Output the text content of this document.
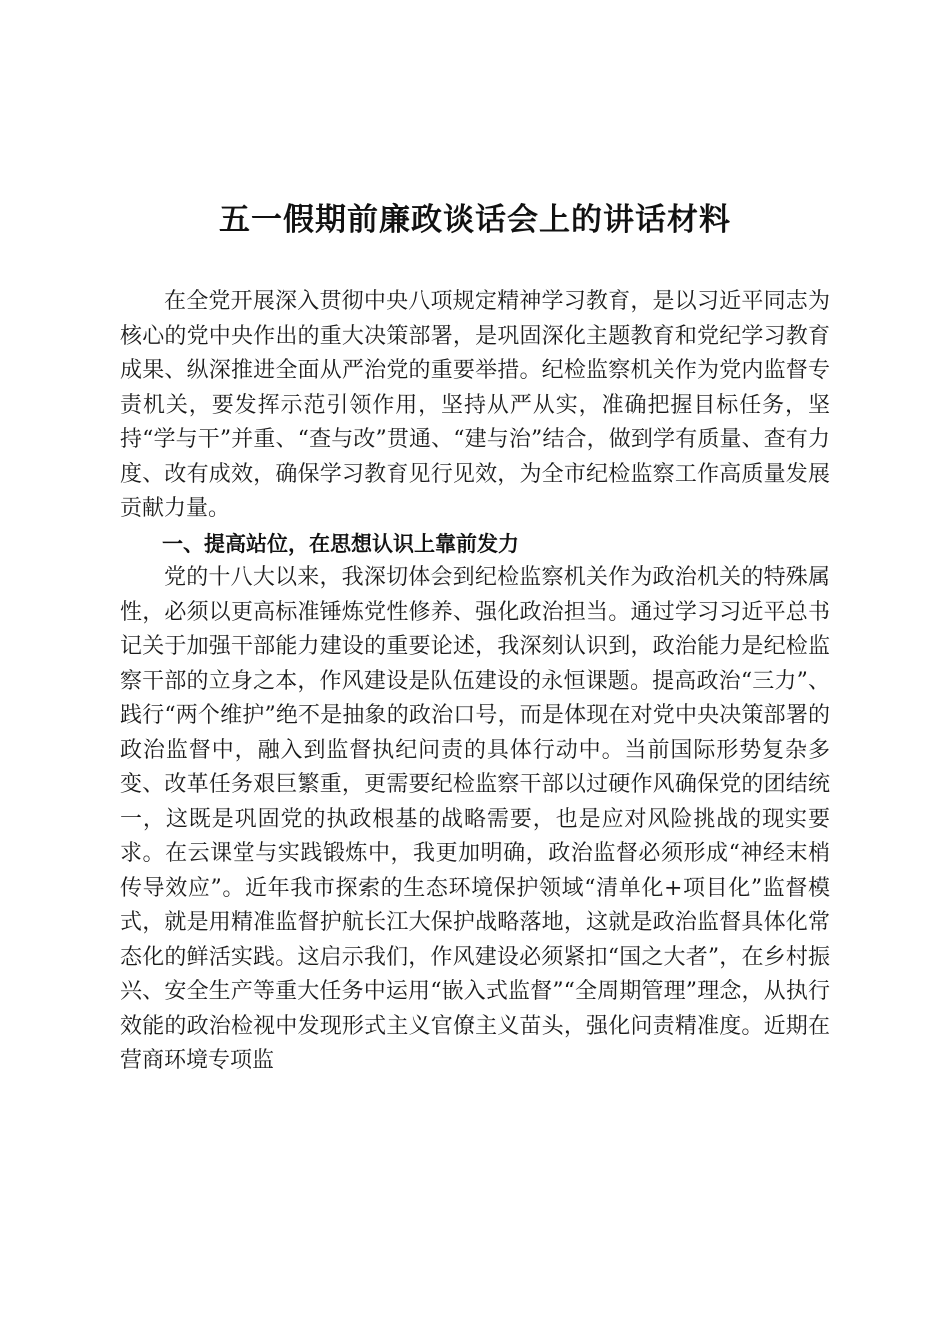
五一假期前廉政谈话会上的讲话材料

在全党开展深入贯彻中央八项规定精神学习教育，是以习近平同志为核心的党中央作出的重大决策部署，是巩固深化主题教育和党纪学习教育成果、纵深推进全面从严治党的重要举措。纪检监察机关作为党内监督专责机关，要发挥示范引领作用，坚持从严从实，准确把握目标任务，坚持“学与干”并重、“查与改”贯通、“建与治”结合，做到学有质量、查有力度、改有成效，确保学习教育见行见效，为全市纪检监察工作高质量发展贡献力量。

一、提高站位，在思想认识上靠前发力

党的十八大以来，我深切体会到纪检监察机关作为政治机关的特殊属性，必须以更高标准锤炼党性修养、强化政治担当。通过学习习近平总书记关于加强干部能力建设的重要论述，我深刻认识到，政治能力是纪检监察干部的立身之本，作风建设是队伍建设的永恒课题。提高政治“三力”、践行“两个维护”绝不是抽象的政治口号，而是体现在对党中央决策部署的政治监督中，融入到监督执纪问责的具体行动中。当前国际形势复杂多变、改革任务艰巨繁重，更需要纪检监察干部以过硬作风确保党的团结统一，这既是巩固党的执政根基的战略需要，也是应对风险挑战的现实要求。在云课堂与实践锻炼中，我更加明确，政治监督必须形成“神经末梢传导效应”。近年我市探索的生态环境保护领域“清单化+项目化”监督模式，就是用精准监督护航长江大保护战略落地，这就是政治监督具体化常态化的鲜活实践。这启示我们，作风建设必须紧扣“国之大者”，在乡村振兴、安全生产等重大任务中运用“嵌入式监督”“全周期管理”理念，从执行效能的政治检视中发现形式主义官僚主义苗头，强化问责精准度。近期在营商环境专项监
